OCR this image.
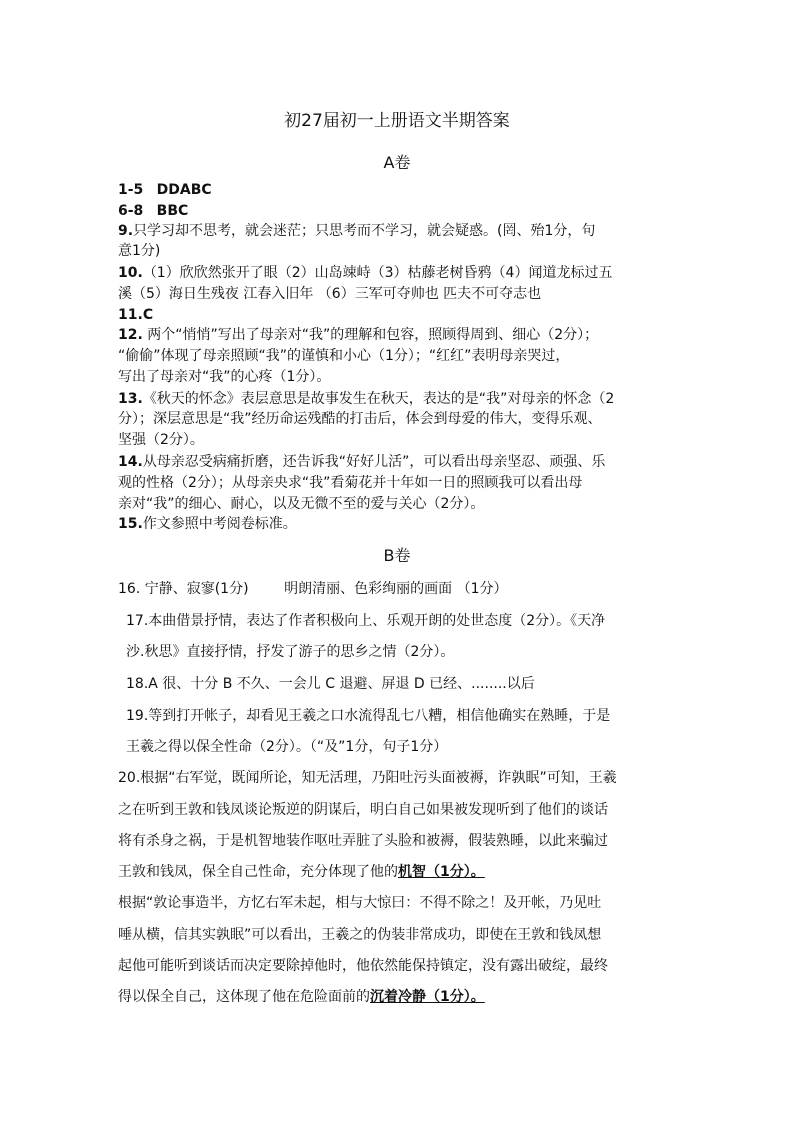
初27届初一上册语文半期答案
A卷
1-5 DDABC
6-8 BBC
9.只学习却不思考，就会迷茫；只思考而不学习，就会疑惑。(罔、殆1分，句
意1分)
10.（1）欣欣然张开了眼（2）山岛竦峙（3）枯藤老树昏鸦（4）闻道龙标过五
溪（5）海日生残夜 江春入旧年 （6）三军可夺帅也 匹夫不可夺志也
11.C
12. 两个“悄悄”写出了母亲对“我”的理解和包容，照顾得周到、细心（2分）；
“偷偷”体现了母亲照顾“我”的谨慎和小心（1分）；“红红”表明母亲哭过，
写出了母亲对“我”的心疼（1分）。
13.《秋天的怀念》表层意思是故事发生在秋天，表达的是“我”对母亲的怀念（2
分）；深层意思是“我”经历命运残酷的打击后，体会到母爱的伟大，变得乐观、
坚强（2分）。
14.从母亲忍受病痛折磨，还告诉我“好好儿活”，可以看出母亲坚忍、顽强、乐
观的性格（2分）；从母亲央求“我”看菊花并十年如一日的照顾我可以看出母
亲对“我”的细心、耐心，以及无微不至的爱与关心（2分）。
15.作文参照中考阅卷标准。
B卷
16. 宁静、寂寥(1分)        明朗清丽、色彩绚丽的画面 （1分）
17.本曲借景抒情，表达了作者积极向上、乐观开朗的处世态度（2分）。《天净
沙.秋思》直接抒情，抒发了游子的思乡之情（2分）。
18.A 很、十分 B 不久、一会儿 C 退避、屏退 D 已经、........以后
19.等到打开帐子，却看见王羲之口水流得乱七八糟，相信他确实在熟睡，于是
王羲之得以保全性命（2分）。（“及”1分，句子1分）
20.根据“右军觉，既闻所论，知无活理，乃阳吐污头面被褥，诈孰眠”可知，王羲
之在听到王敦和钱凤谈论叛逆的阴谋后，明白自己如果被发现听到了他们的谈话
将有杀身之祸，于是机智地装作呕吐弄脏了头脸和被褥，假装熟睡，以此来骗过
王敦和钱凤，保全自己性命，充分体现了他的机智（1分）。
根据“敦论事造半，方忆右军未起，相与大惊曰：不得不除之！及开帐，乃见吐
唾从横，信其实孰眠”可以看出，王羲之的伪装非常成功，即使在王敦和钱凤想
起他可能听到谈话而决定要除掉他时，他依然能保持镇定，没有露出破绽，最终
得以保全自己，这体现了他在危险面前的沉着冷静（1分）。
